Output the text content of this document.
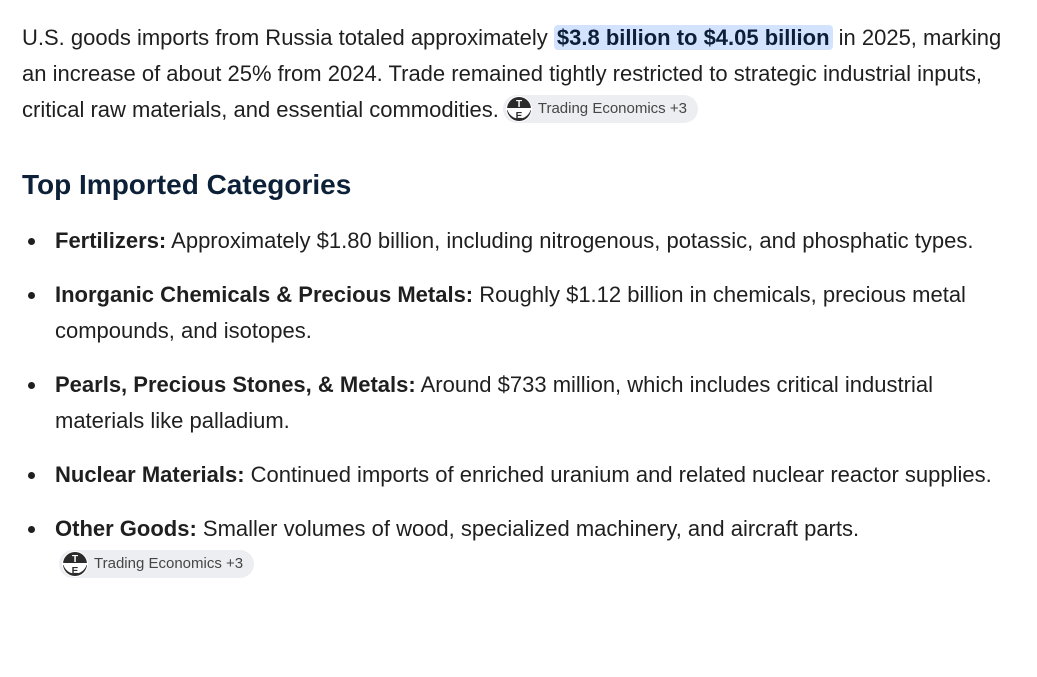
U.S. goods imports from Russia totaled approximately $3.8 billion to $4.05 billion in 2025, marking an increase of about 25% from 2024. Trade remained tightly restricted to strategic industrial inputs, critical raw materials, and essential commodities. T
E Trading Economics +3

Top Imported Categories
Fertilizers: Approximately $1.80 billion, including nitrogenous, potassic, and phosphatic types.
Inorganic Chemicals & Precious Metals: Roughly $1.12 billion in chemicals, precious metal compounds, and isotopes.
Pearls, Precious Stones, & Metals: Around $733 million, which includes critical industrial materials like palladium.
Nuclear Materials: Continued imports of enriched uranium and related nuclear reactor supplies.
Other Goods: Smaller volumes of wood, specialized machinery, and aircraft parts.
T
E Trading Economics +3
